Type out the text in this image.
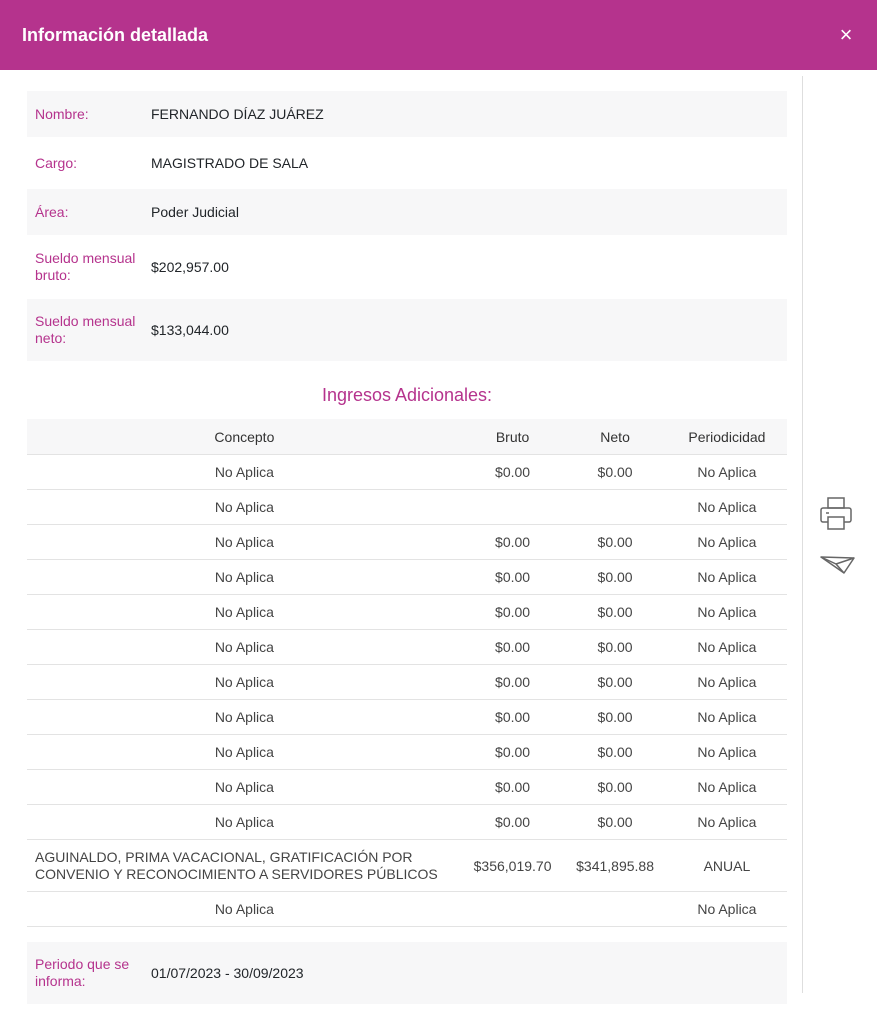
Información detallada	×
Nombre:	FERNANDO DÍAZ JUÁREZ
Cargo:	MAGISTRADO DE SALA
Área:	Poder Judicial
Sueldo mensual bruto:	$202,957.00
Sueldo mensual neto:	$133,044.00
Ingresos Adicionales:
Concepto	Bruto	Neto	Periodicidad
No Aplica	$0.00	$0.00	No Aplica
No Aplica			No Aplica
No Aplica	$0.00	$0.00	No Aplica
No Aplica	$0.00	$0.00	No Aplica
No Aplica	$0.00	$0.00	No Aplica
No Aplica	$0.00	$0.00	No Aplica
No Aplica	$0.00	$0.00	No Aplica
No Aplica	$0.00	$0.00	No Aplica
No Aplica	$0.00	$0.00	No Aplica
No Aplica	$0.00	$0.00	No Aplica
No Aplica	$0.00	$0.00	No Aplica
AGUINALDO, PRIMA VACACIONAL, GRATIFICACIÓN POR CONVENIO Y RECONOCIMIENTO A SERVIDORES PÚBLICOS	$356,019.70	$341,895.88	ANUAL
No Aplica			No Aplica
Periodo que se informa:	01/07/2023 - 30/09/2023
